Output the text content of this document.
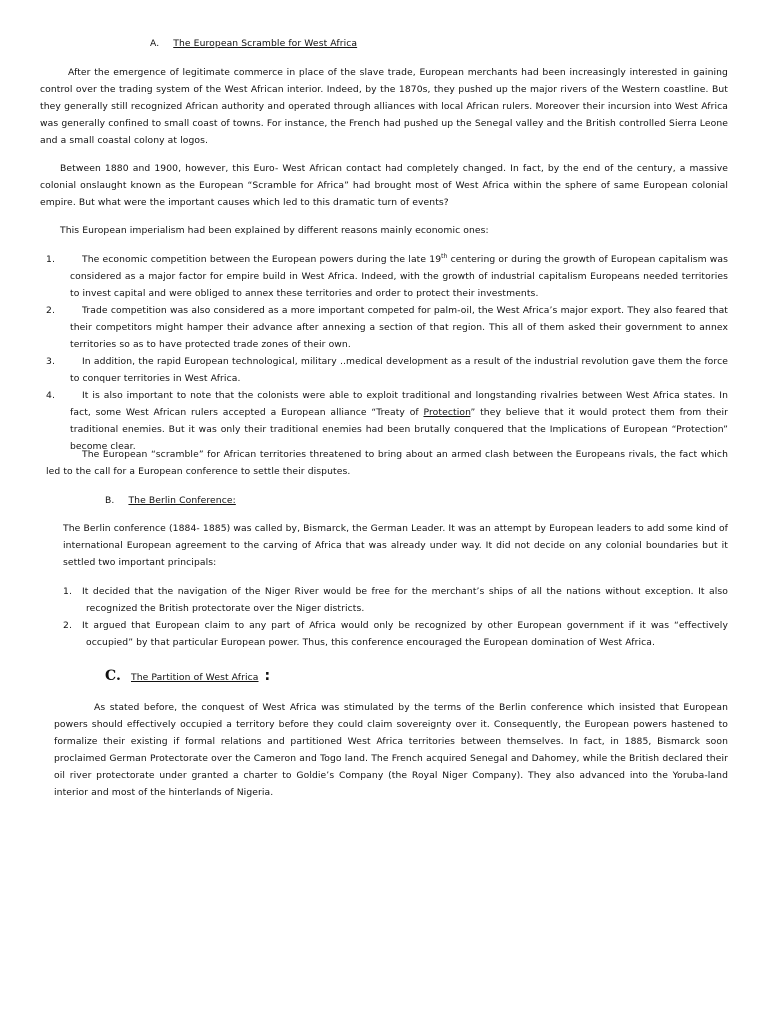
A. The European Scramble for West Africa

After the emergence of legitimate commerce in place of the slave trade, European merchants had been increasingly interested in gaining control over the trading system of the West African interior. Indeed, by the 1870s, they pushed up the major rivers of the Western coastline. But they generally still recognized African authority and operated through alliances with local African rulers. Moreover their incursion into West Africa was generally confined to small coast of towns. For instance, the French had pushed up the Senegal valley and the British controlled Sierra Leone and a small coastal colony at logos.

Between 1880 and 1900, however, this Euro- West African contact had completely changed. In fact, by the end of the century, a massive colonial onslaught known as the European “Scramble for Africa” had brought most of West Africa within the sphere of same European colonial empire. But what were the important causes which led to this dramatic turn of events?

This European imperialism had been explained by different reasons mainly economic ones:

1.	The economic competition between the European powers during the late 19th centering or during the growth of European capitalism was considered as a major factor for empire build in West Africa. Indeed, with the growth of industrial capitalism Europeans needed territories to invest capital and were obliged to annex these territories and order to protect their investments.
2.	Trade competition was also considered as a more important competed for palm-oil, the West Africa’s major export. They also feared that their competitors might hamper their advance after annexing a section of that region. This all of them asked their government to annex territories so as to have protected trade zones of their own.
3.	In addition, the rapid European technological, military ..medical development as a result of the industrial revolution gave them the force to conquer territories in West Africa.
4.	It is also important to note that the colonists were able to exploit traditional and longstanding rivalries between West Africa states. In fact, some West African rulers accepted a European alliance “Treaty of Protection” they believe that it would protect them from their traditional enemies. But it was only their traditional enemies had been brutally conquered that the Implications of European “Protection” become clear.

The European “scramble” for African territories threatened to bring about an armed clash between the Europeans rivals, the fact which led to the call for a European conference to settle their disputes.

B. The Berlin Conference:

The Berlin conference (1884- 1885) was called by, Bismarck, the German Leader. It was an attempt by European leaders to add some kind of international European agreement to the carving of Africa that was already under way. It did not decide on any colonial boundaries but it settled two important principals:

1. It decided that the navigation of the Niger River would be free for the merchant’s ships of all the nations without exception. It also recognized the British protectorate over the Niger districts.
2. It argued that European claim to any part of Africa would only be recognized by other European government if it was “effectively occupied” by that particular European power. Thus, this conference encouraged the European domination of West Africa.
C. The Partition of West Africa :

As stated before, the conquest of West Africa was stimulated by the terms of the Berlin conference which insisted that European powers should effectively occupied a territory before they could claim sovereignty over it. Consequently, the European powers hastened to formalize their existing if formal relations and partitioned West Africa territories between themselves. In fact, in 1885, Bismarck soon proclaimed German Protectorate over the Cameron and Togo land. The French acquired Senegal and Dahomey, while the British declared their oil river protectorate under granted a charter to Goldie’s Company (the Royal Niger Company). They also advanced into the Yoruba-land interior and most of the hinterlands of Nigeria.
